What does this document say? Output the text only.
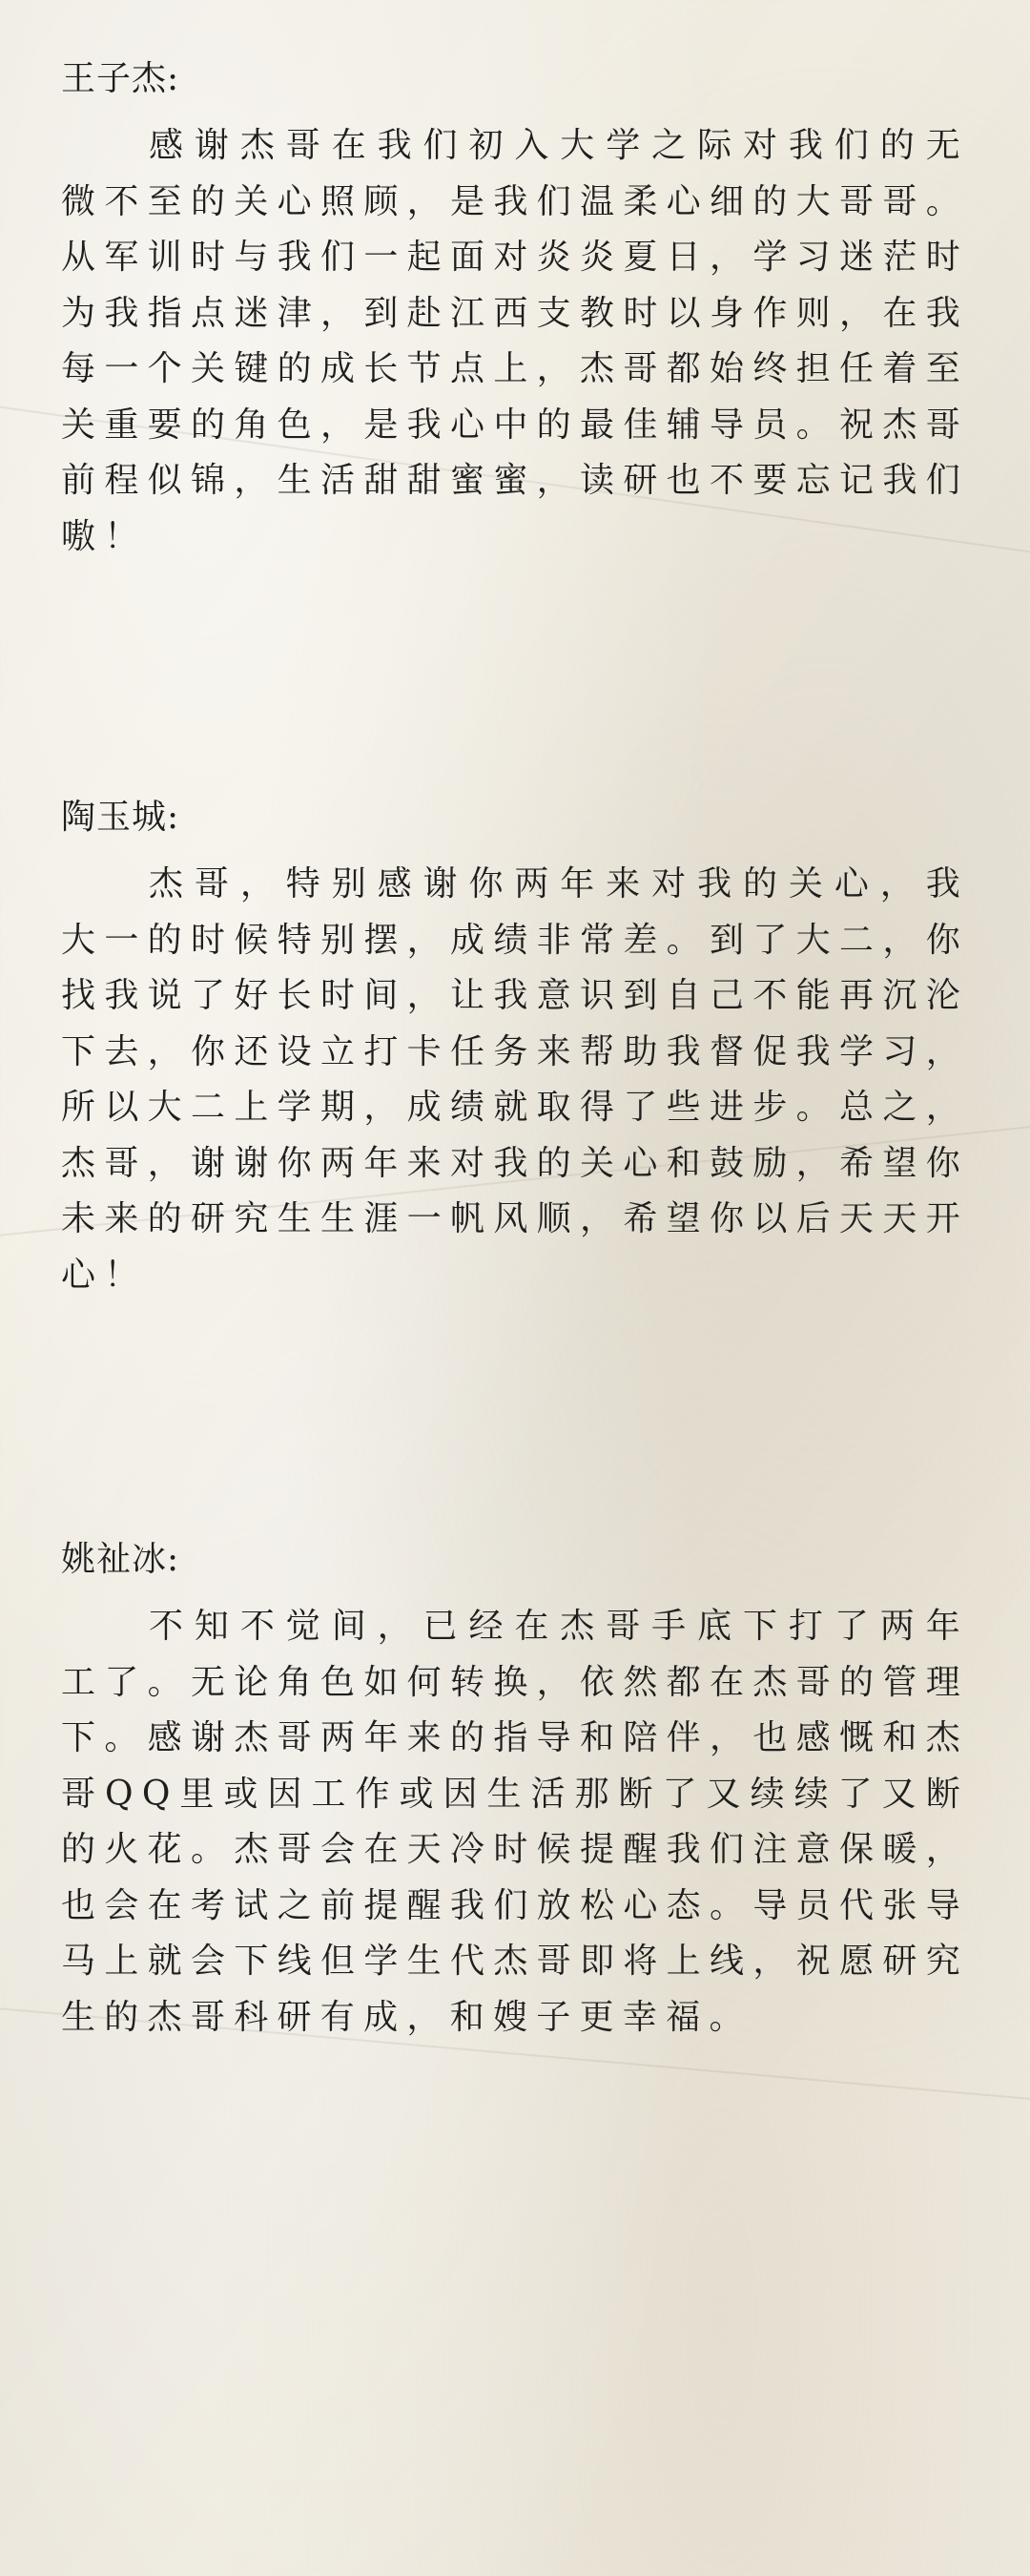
王子杰:
感谢杰哥在我们初入大学之际对我们的无微不至的关心照顾，是我们温柔心细的大哥哥。从军训时与我们一起面对炎炎夏日，学习迷茫时为我指点迷津，到赴江西支教时以身作则，在我每一个关键的成长节点上，杰哥都始终担任着至关重要的角色，是我心中的最佳辅导员。祝杰哥前程似锦，生活甜甜蜜蜜，读研也不要忘记我们嗷！
陶玉城:
杰哥，特别感谢你两年来对我的关心，我大一的时候特别摆，成绩非常差。到了大二，你找我说了好长时间，让我意识到自己不能再沉沦下去，你还设立打卡任务来帮助我督促我学习，所以大二上学期，成绩就取得了些进步。总之，杰哥，谢谢你两年来对我的关心和鼓励，希望你未来的研究生生涯一帆风顺，希望你以后天天开心！
姚祉冰:
不知不觉间，已经在杰哥手底下打了两年工了。无论角色如何转换，依然都在杰哥的管理下。感谢杰哥两年来的指导和陪伴，也感慨和杰哥QQ里或因工作或因生活那断了又续续了又断的火花。杰哥会在天冷时候提醒我们注意保暖，也会在考试之前提醒我们放松心态。导员代张导马上就会下线但学生代杰哥即将上线，祝愿研究生的杰哥科研有成，和嫂子更幸福。
